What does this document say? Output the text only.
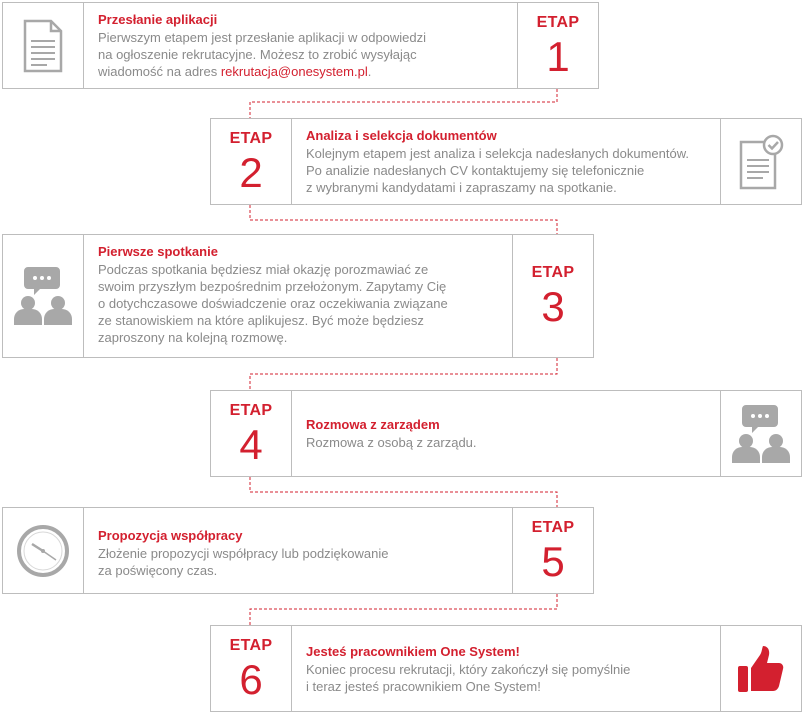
Przesłanie aplikacji
Pierwszym etapem jest przesłanie aplikacji w odpowiedzi
na ogłoszenie rekrutacyjne. Możesz to zrobić wysyłając
wiadomość na adres rekrutacja@onesystem.pl.
ETAP
1
ETAP
2
Analiza i selekcja dokumentów
Kolejnym etapem jest analiza i selekcja nadesłanych dokumentów.
Po analizie nadesłanych CV kontaktujemy się telefonicznie
z wybranymi kandydatami i zapraszamy na spotkanie.
Pierwsze spotkanie
Podczas spotkania będziesz miał okazję porozmawiać ze
swoim przyszłym bezpośrednim przełożonym. Zapytamy Cię
o dotychczasowe doświadczenie oraz oczekiwania związane
ze stanowiskiem na które aplikujesz. Być może będziesz
zaproszony na kolejną rozmowę.
ETAP
3
ETAP
4	Rozmowa z zarządem
Rozmowa z osobą z zarządu.
Propozycja współpracy
Złożenie propozycji współpracy lub podziękowanie
za poświęcony czas.
ETAP
5
ETAP
6
Jesteś pracownikiem One System!
Koniec procesu rekrutacji, który zakończył się pomyślnie
i teraz jesteś pracownikiem One System!
